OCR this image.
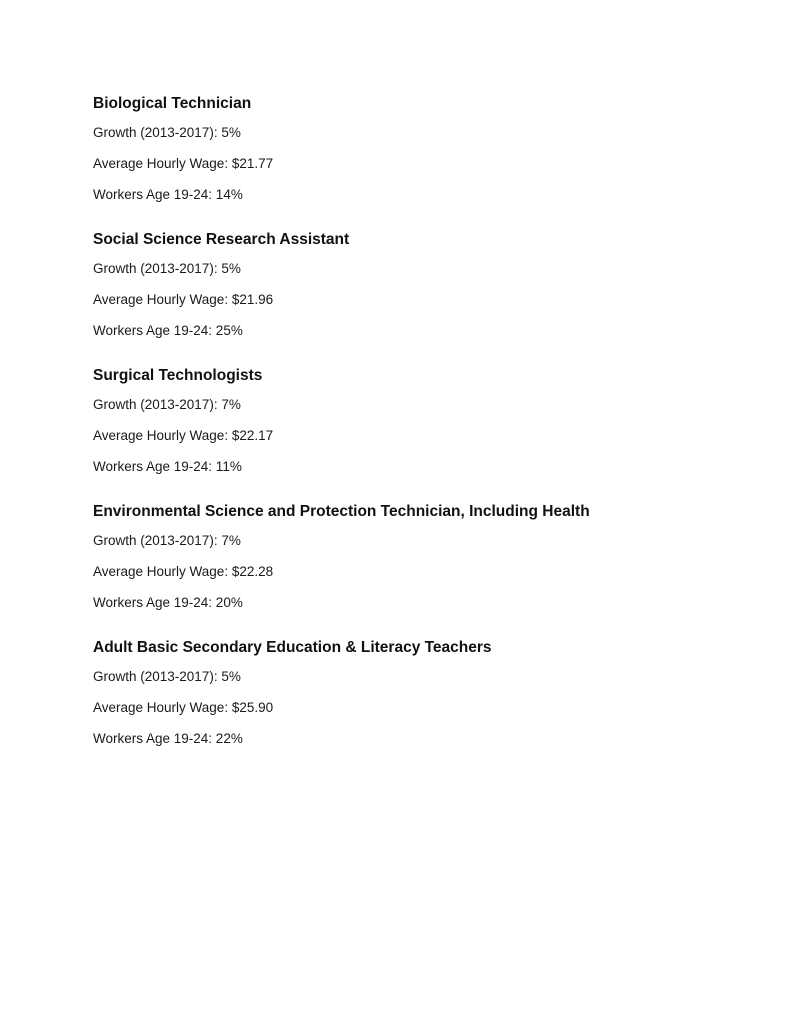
Biological Technician
Growth (2013-2017): 5%
Average Hourly Wage: $21.77
Workers Age 19-24: 14%
Social Science Research Assistant
Growth (2013-2017): 5%
Average Hourly Wage: $21.96
Workers Age 19-24: 25%
Surgical Technologists
Growth (2013-2017): 7%
Average Hourly Wage: $22.17
Workers Age 19-24: 11%
Environmental Science and Protection Technician, Including Health
Growth (2013-2017): 7%
Average Hourly Wage: $22.28
Workers Age 19-24: 20%
Adult Basic Secondary Education & Literacy Teachers
Growth (2013-2017): 5%
Average Hourly Wage: $25.90
Workers Age 19-24: 22%
